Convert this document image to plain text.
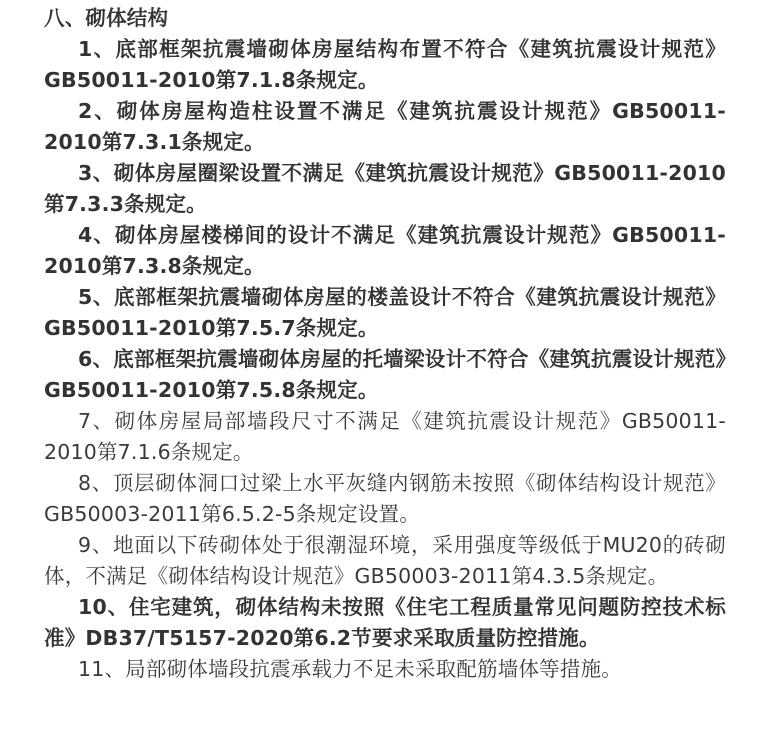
八、砌体结构

1、底部框架抗震墙砌体房屋结构布置不符合《建筑抗震设计规范》GB50011-2010第7.1.8条规定。

2、砌体房屋构造柱设置不满足《建筑抗震设计规范》GB50011-2010第7.3.1条规定。

3、砌体房屋圈梁设置不满足《建筑抗震设计规范》GB50011-2010第7.3.3条规定。

4、砌体房屋楼梯间的设计不满足《建筑抗震设计规范》GB50011-2010第7.3.8条规定。

5、底部框架抗震墙砌体房屋的楼盖设计不符合《建筑抗震设计规范》GB50011-2010第7.5.7条规定。

6、底部框架抗震墙砌体房屋的托墙梁设计不符合《建筑抗震设计规范》GB50011-2010第7.5.8条规定。

7、砌体房屋局部墙段尺寸不满足《建筑抗震设计规范》GB50011-2010第7.1.6条规定。

8、顶层砌体洞口过梁上水平灰缝内钢筋未按照《砌体结构设计规范》GB50003-2011第6.5.2-5条规定设置。

9、地面以下砖砌体处于很潮湿环境，采用强度等级低于MU20的砖砌体，不满足《砌体结构设计规范》GB50003-2011第4.3.5条规定。

10、住宅建筑，砌体结构未按照《住宅工程质量常见问题防控技术标准》DB37/T5157-2020第6.2节要求采取质量防控措施。

11、局部砌体墙段抗震承载力不足未采取配筋墙体等措施。
